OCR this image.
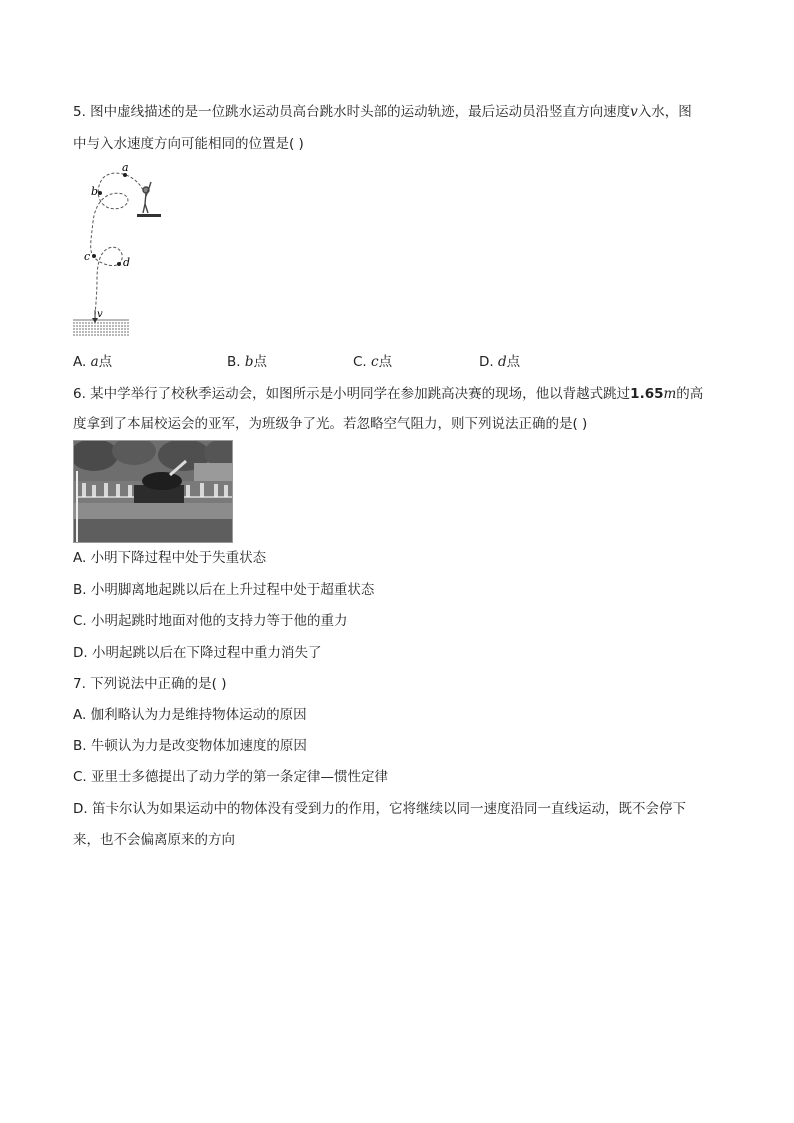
5. 图中虚线描述的是一位跳水运动员高台跳水时头部的运动轨迹，最后运动员沿竖直方向速度v入水，图
中与入水速度方向可能相同的位置是( )
a
b
c	d
v
A. a点	B. b点	C. c点	D. d点
6. 某中学举行了校秋季运动会，如图所示是小明同学在参加跳高决赛的现场，他以背越式跳过1.65m的高
度拿到了本届校运会的亚军，为班级争了光。若忽略空气阻力，则下列说法正确的是( )
A. 小明下降过程中处于失重状态
B. 小明脚离地起跳以后在上升过程中处于超重状态
C. 小明起跳时地面对他的支持力等于他的重力
D. 小明起跳以后在下降过程中重力消失了
7. 下列说法中正确的是( )
A. 伽利略认为力是维持物体运动的原因
B. 牛顿认为力是改变物体加速度的原因
C. 亚里士多德提出了动力学的第一条定律—惯性定律
D. 笛卡尔认为如果运动中的物体没有受到力的作用，它将继续以同一速度沿同一直线运动，既不会停下
来，也不会偏离原来的方向
